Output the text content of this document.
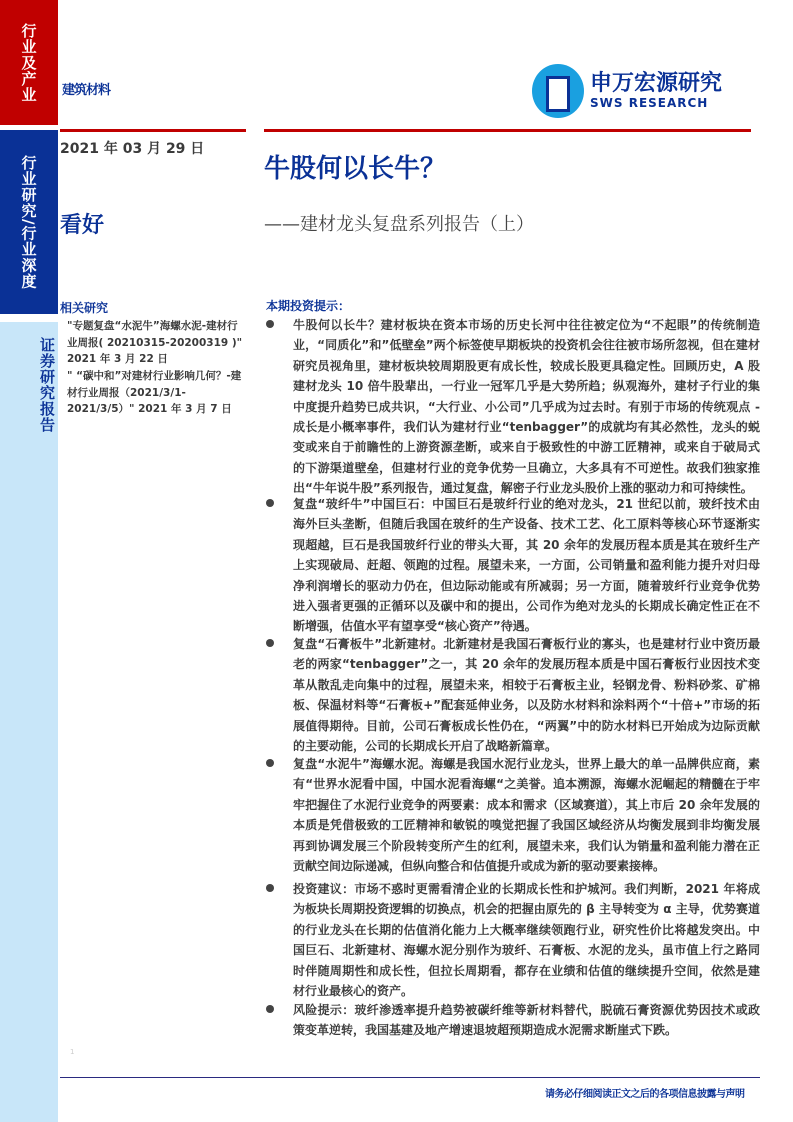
行业及产业
行业研究/行业深度
证券研究报告
建筑材料	申万宏源研究
SWS RESEARCH
2021 年 03 月 29 日
看好
牛股何以长牛？
——建材龙头复盘系列报告（上）
相关研究
"专题复盘“水泥牛”海螺水泥-建材行业周报( 20210315-20200319 )" 2021 年 3 月 22 日
" “碳中和”对建材行业影响几何？-建材行业周报（2021/3/1-2021/3/5）" 2021 年 3 月 7 日
本期投资提示：
牛股何以长牛？建材板块在资本市场的历史长河中往往被定位为“不起眼”的传统制造业，“同质化”和”低壁垒”两个标签使早期板块的投资机会往往被市场所忽视，但在建材研究员视角里，建材板块较周期股更有成长性，较成长股更具稳定性。回顾历史，A 股建材龙头 10 倍牛股辈出，一行业一冠军几乎是大势所趋；纵观海外，建材子行业的集中度提升趋势已成共识，“大行业、小公司”几乎成为过去时。有别于市场的传统观点 - 成长是小概率事件，我们认为建材行业“tenbagger”的成就均有其必然性，龙头的蜕变或来自于前瞻性的上游资源垄断，或来自于极致性的中游工匠精神，或来自于破局式的下游渠道壁垒，但建材行业的竞争优势一旦确立，大多具有不可逆性。故我们独家推出“牛年说牛股”系列报告，通过复盘，解密子行业龙头股价上涨的驱动力和可持续性。
复盘“玻纤牛”中国巨石：中国巨石是玻纤行业的绝对龙头，21 世纪以前，玻纤技术由海外巨头垄断，但随后我国在玻纤的生产设备、技术工艺、化工原料等核心环节逐渐实现超越，巨石是我国玻纤行业的带头大哥，其 20 余年的发展历程本质是其在玻纤生产上实现破局、赶超、领跑的过程。展望未来，一方面，公司销量和盈利能力提升对归母净利润增长的驱动力仍在，但边际动能或有所减弱；另一方面，随着玻纤行业竞争优势进入强者更强的正循环以及碳中和的提出，公司作为绝对龙头的长期成长确定性正在不断增强，估值水平有望享受“核心资产”待遇。
复盘“石膏板牛”北新建材。北新建材是我国石膏板行业的寡头，也是建材行业中资历最老的两家“tenbagger”之一，其 20 余年的发展历程本质是中国石膏板行业因技术变革从散乱走向集中的过程，展望未来，相较于石膏板主业，轻钢龙骨、粉料砂浆、矿棉板、保温材料等“石膏板+”配套延伸业务，以及防水材料和涂料两个“十倍+”市场的拓展值得期待。目前，公司石膏板成长性仍在，“两翼”中的防水材料已开始成为边际贡献的主要动能，公司的长期成长开启了战略新篇章。
复盘“水泥牛”海螺水泥。海螺是我国水泥行业龙头，世界上最大的单一品牌供应商，素有“世界水泥看中国，中国水泥看海螺“之美誉。追本溯源，海螺水泥崛起的精髓在于牢牢把握住了水泥行业竞争的两要素：成本和需求（区域赛道），其上市后 20 余年发展的本质是凭借极致的工匠精神和敏锐的嗅觉把握了我国区域经济从均衡发展到非均衡发展再到协调发展三个阶段转变所产生的红利，展望未来，我们认为销量和盈利能力潜在正贡献空间边际递减，但纵向整合和估值提升或成为新的驱动要素接棒。
投资建议：市场不惑时更需看清企业的长期成长性和护城河。我们判断，2021 年将成为板块长周期投资逻辑的切换点，机会的把握由原先的 β 主导转变为 α 主导，优势赛道的行业龙头在长期的估值消化能力上大概率继续领跑行业，研究性价比将越发突出。中国巨石、北新建材、海螺水泥分别作为玻纤、石膏板、水泥的龙头，虽市值上行之路同时伴随周期性和成长性，但拉长周期看，都存在业绩和估值的继续提升空间，依然是建材行业最核心的资产。
风险提示：玻纤渗透率提升趋势被碳纤维等新材料替代，脱硫石膏资源优势因技术或政策变革逆转，我国基建及地产增速退坡超预期造成水泥需求断崖式下跌。
1
请务必仔细阅读正文之后的各项信息披露与声明
